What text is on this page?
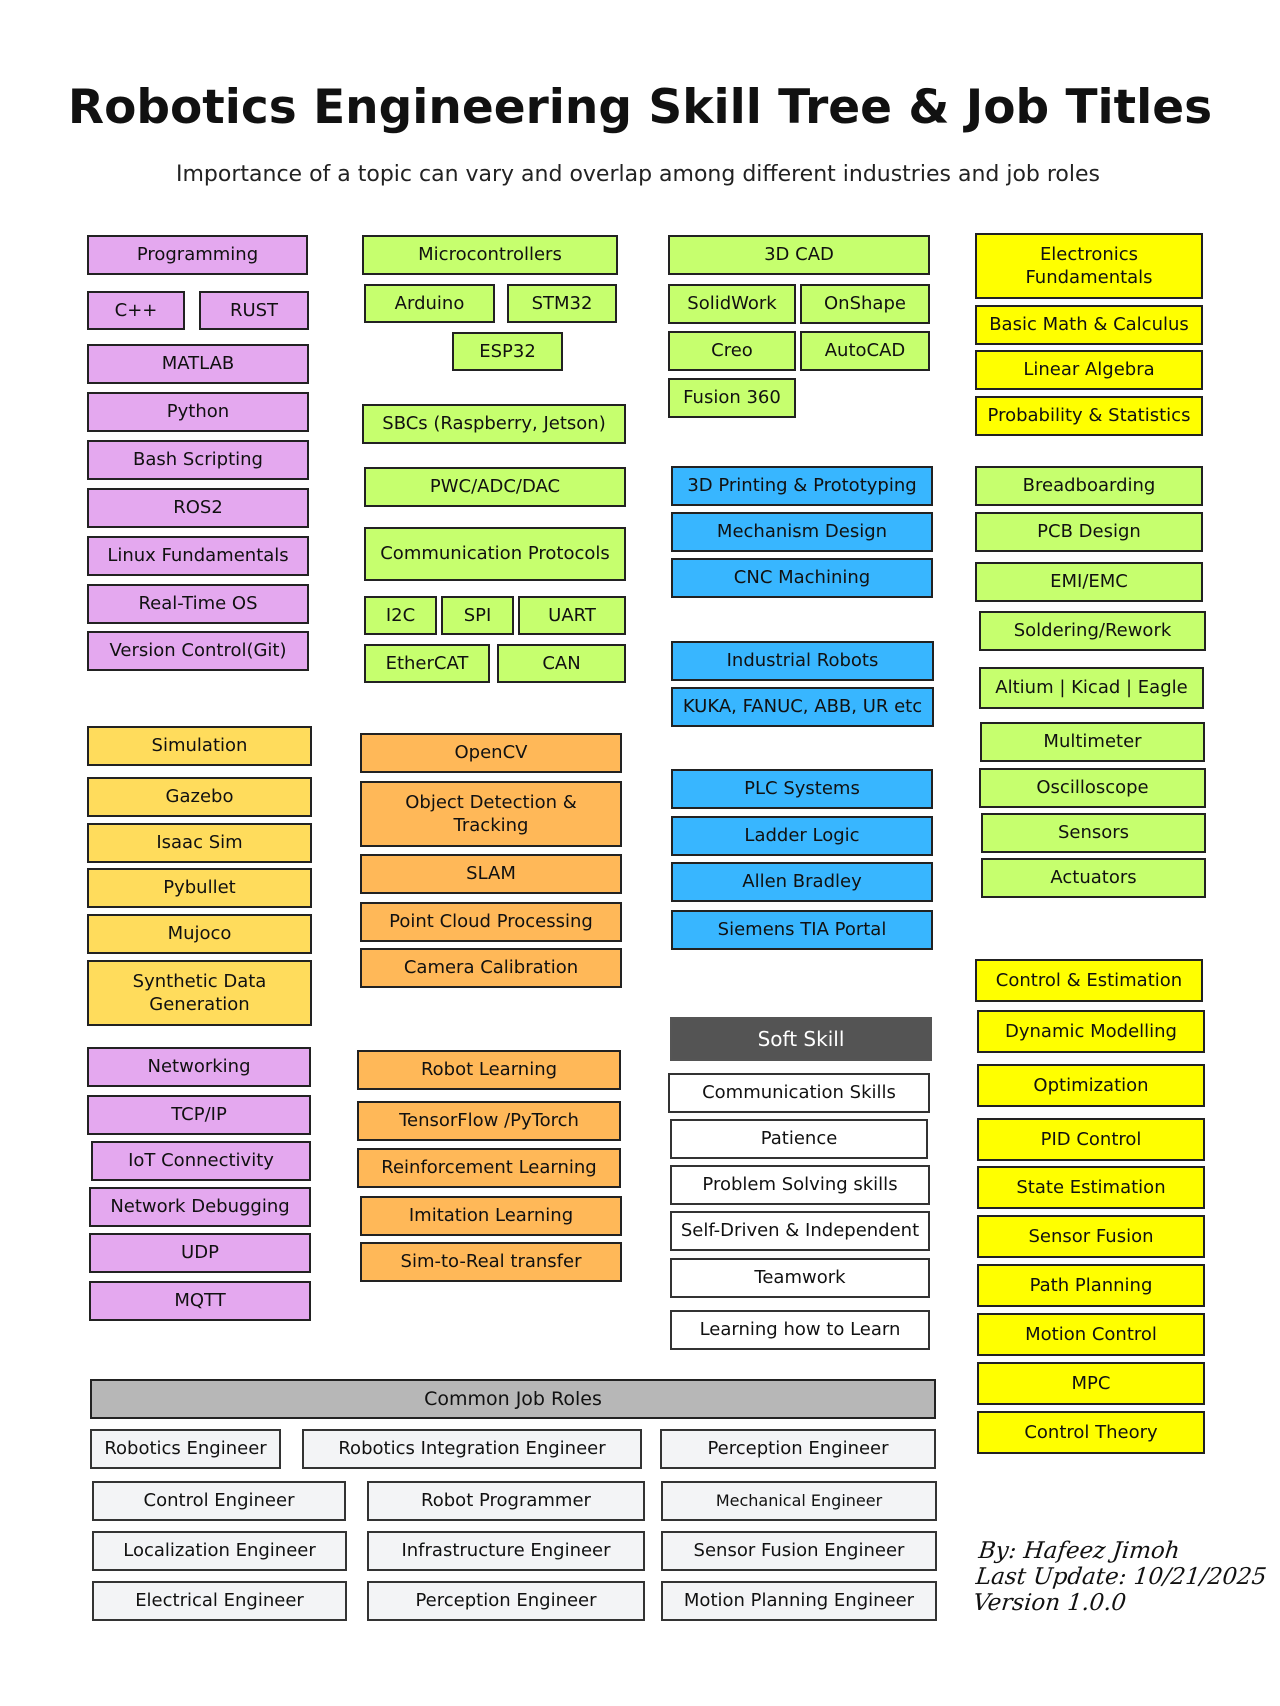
Robotics Engineering Skill Tree & Job Titles
Importance of a topic can vary and overlap among different industries and job roles
Programming
C++	RUST
MATLAB
Python
Bash Scripting
ROS2
Linux Fundamentals
Real-Time OS
Version Control(Git)
Simulation
Gazebo
Isaac Sim
Pybullet
Mujoco
Synthetic Data Generation
Networking
TCP/IP
IoT Connectivity
Network Debugging
UDP
MQTT
Microcontrollers
Arduino	STM32
ESP32
SBCs (Raspberry, Jetson)
PWC/ADC/DAC
Communication Protocols
I2C	SPI	UART
EtherCAT	CAN
OpenCV
Object Detection & Tracking
SLAM
Point Cloud Processing
Camera Calibration
Robot Learning
TensorFlow /PyTorch
Reinforcement Learning
Imitation Learning
Sim-to-Real transfer
3D CAD
SolidWork	OnShape
Creo	AutoCAD
Fusion 360
3D Printing & Prototyping
Mechanism Design
CNC Machining
Industrial Robots
KUKA, FANUC, ABB, UR etc
PLC Systems
Ladder Logic
Allen Bradley
Siemens TIA Portal
Soft Skill
Communication Skills
Patience
Problem Solving skills
Self-Driven & Independent
Teamwork
Learning how to Learn
Electronics Fundamentals
Basic Math & Calculus
Linear Algebra
Probability & Statistics
Breadboarding
PCB Design
EMI/EMC
Soldering/Rework
Altium | Kicad | Eagle
Multimeter
Oscilloscope
Sensors
Actuators
Control & Estimation
Dynamic Modelling
Optimization
PID Control
State Estimation
Sensor Fusion
Path Planning
Motion Control
MPC
Control Theory
Common Job Roles
Robotics Engineer	Robotics Integration Engineer	Perception Engineer
Control Engineer	Robot Programmer	Mechanical Engineer
Localization Engineer	Infrastructure Engineer	Sensor Fusion Engineer
Electrical Engineer	Perception Engineer	Motion Planning Engineer
By: Hafeez Jimoh
Last Update: 10/21/2025
Version 1.0.0
